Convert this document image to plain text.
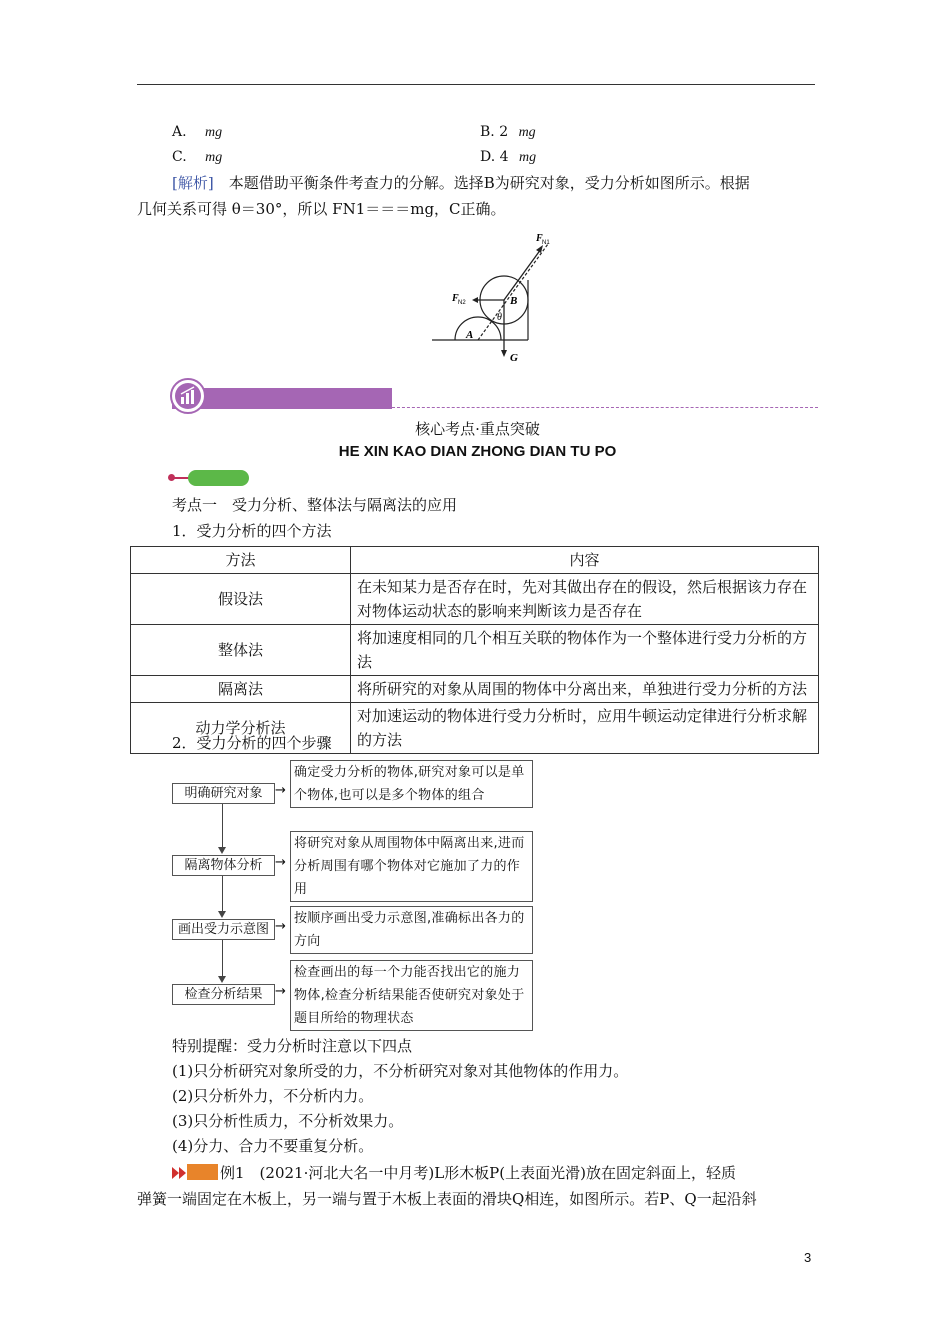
A. mg	B. 2 mg
C. mg	D. 4 mg
[解析]　本题借助平衡条件考查力的分解。选择B为研究对象，受力分析如图所示。根据
几何关系可得 θ＝30°，所以 FN1＝＝＝mg，C正确。
B
A
θ
G
F N1
F N2
核心考点·重点突破
HE XIN KAO DIAN ZHONG DIAN TU PO
考点一　受力分析、整体法与隔离法的应用
1．受力分析的四个方法
方法	内容
假设法	在未知某力是否存在时，先对其做出存在的假设，然后根据该力存在对物体运动状态的影响来判断该力是否存在
整体法	将加速度相同的几个相互关联的物体作为一个整体进行受力分析的方法
隔离法	将所研究的对象从周围的物体中分离出来，单独进行受力分析的方法
动力学分析法	对加速运动的物体进行受力分析时，应用牛顿运动定律进行分析求解的方法
2．受力分析的四个步骤
明确研究对象 →
确定受力分析的物体,研究对象可以是单个物体,也可以是多个物体的组合
隔离物体分析 →
将研究对象从周围物体中隔离出来,进而分析周围有哪个物体对它施加了力的作用
画出受力示意图 →
按顺序画出受力示意图,准确标出各力的方向
检查分析结果 →
检查画出的每一个力能否找出它的施力物体,检查分析结果能否使研究对象处于题目所给的物理状态
特别提醒：受力分析时注意以下四点
(1)只分析研究对象所受的力，不分析研究对象对其他物体的作用力。
(2)只分析外力，不分析内力。
(3)只分析性质力，不分析效果力。
(4)分力、合力不要重复分析。
例1　(2021·河北大名一中月考)L形木板P(上表面光滑)放在固定斜面上，轻质
弹簧一端固定在木板上，另一端与置于木板上表面的滑块Q相连，如图所示。若P、Q一起沿斜
3
